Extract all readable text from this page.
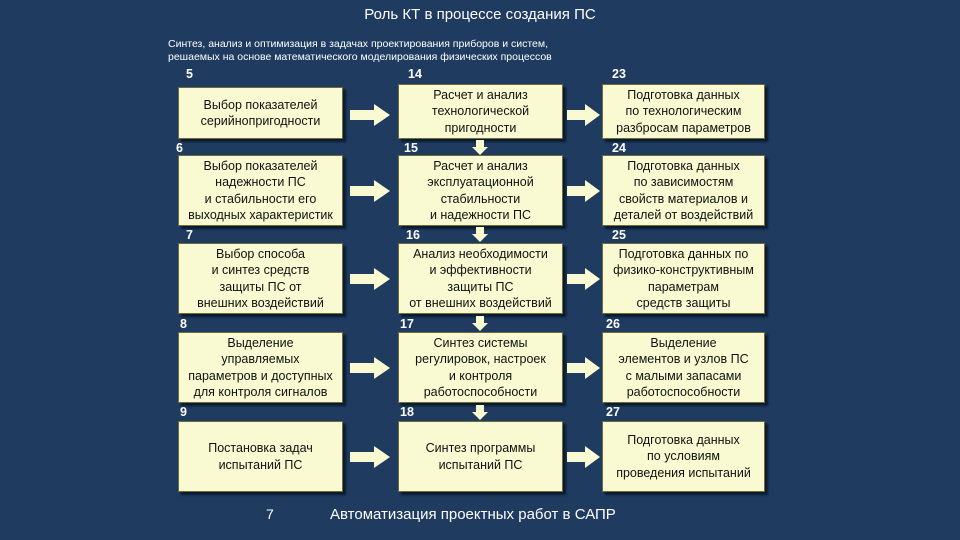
Роль КТ в процессе создания ПС
Синтез, анализ и оптимизация в задачах проектирования приборов и систем,
решаемых на основе математического моделирования физических процессов
5
6
7
8
9
Выбор показателей
серийнопригодности
Выбор показателей
надежности ПС
и стабильности его
выходных характеристик
Выбор способа
и синтез средств
защиты ПС от
внешних воздействий
Выделение
управляемых
параметров и доступных
для контроля сигналов
Постановка задач
испытаний ПС
14
15
16
17
18
Расчет и анализ
технологической
пригодности
Расчет и анализ
эксплуатационной
стабильности
и надежности ПС
Анализ необходимости
и эффективности
защиты ПС
от внешних воздействий
Синтез системы
регулировок, настроек
и контроля
работоспособности
Синтез программы
испытаний ПС
23
24
25
26
27
Подготовка данных
по технологическим
разбросам параметров
Подготовка данных
по зависимостям
свойств материалов и
деталей от воздействий
Подготовка данных по
физико-конструктивным
параметрам
средств защиты
Выделение
элементов и узлов ПС
с малыми запасами
работоспособности
Подготовка данных
по условиям
проведения испытаний
7	Автоматизация проектных работ в САПР
